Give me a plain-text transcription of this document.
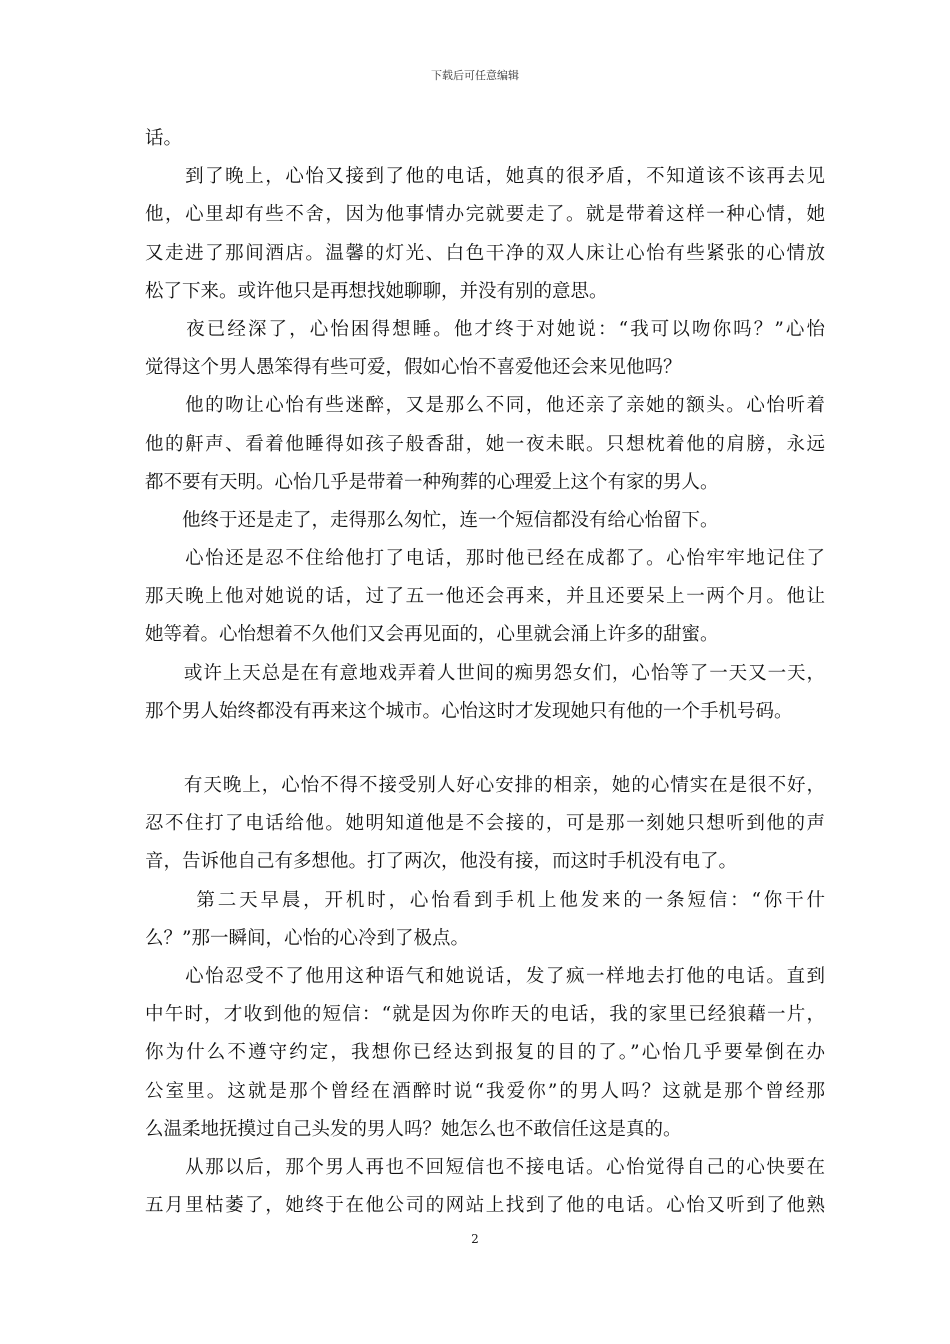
下载后可任意编辑
话。
　　到了晚上，心怡又接到了他的电话，她真的很矛盾，不知道该不该再去见
他，心里却有些不舍，因为他事情办完就要走了。就是带着这样一种心情，她
又走进了那间酒店。温馨的灯光、白色干净的双人床让心怡有些紧张的心情放
松了下来。或许他只是再想找她聊聊，并没有别的意思。
　　夜已经深了，心怡困得想睡。他才终于对她说：“我可以吻你吗？”心怡
觉得这个男人愚笨得有些可爱，假如心怡不喜爱他还会来见他吗？
　　他的吻让心怡有些迷醉，又是那么不同，他还亲了亲她的额头。心怡听着
他的鼾声、看着他睡得如孩子般香甜，她一夜未眠。只想枕着他的肩膀，永远
都不要有天明。心怡几乎是带着一种殉葬的心理爱上这个有家的男人。
　　他终于还是走了，走得那么匆忙，连一个短信都没有给心怡留下。
　　心怡还是忍不住给他打了电话，那时他已经在成都了。心怡牢牢地记住了
那天晚上他对她说的话，过了五一他还会再来，并且还要呆上一两个月。他让
她等着。心怡想着不久他们又会再见面的，心里就会涌上许多的甜蜜。
　　或许上天总是在有意地戏弄着人世间的痴男怨女们，心怡等了一天又一天，
那个男人始终都没有再来这个城市。心怡这时才发现她只有他的一个手机号码。
　　有天晚上，心怡不得不接受别人好心安排的相亲，她的心情实在是很不好，
忍不住打了电话给他。她明知道他是不会接的，可是那一刻她只想听到他的声
音，告诉他自己有多想他。打了两次，他没有接，而这时手机没有电了。
　　 第二天早晨，开机时，心怡看到手机上他发来的一条短信：“你干什
么？”那一瞬间，心怡的心冷到了极点。
　　心怡忍受不了他用这种语气和她说话，发了疯一样地去打他的电话。直到
中午时，才收到他的短信：“就是因为你昨天的电话，我的家里已经狼藉一片，
你为什么不遵守约定，我想你已经达到报复的目的了。”心怡几乎要晕倒在办
公室里。这就是那个曾经在酒醉时说“我爱你”的男人吗？这就是那个曾经那
么温柔地抚摸过自己头发的男人吗？她怎么也不敢信任这是真的。
　　从那以后，那个男人再也不回短信也不接电话。心怡觉得自己的心快要在
五月里枯萎了，她终于在他公司的网站上找到了他的电话。心怡又听到了他熟
2
